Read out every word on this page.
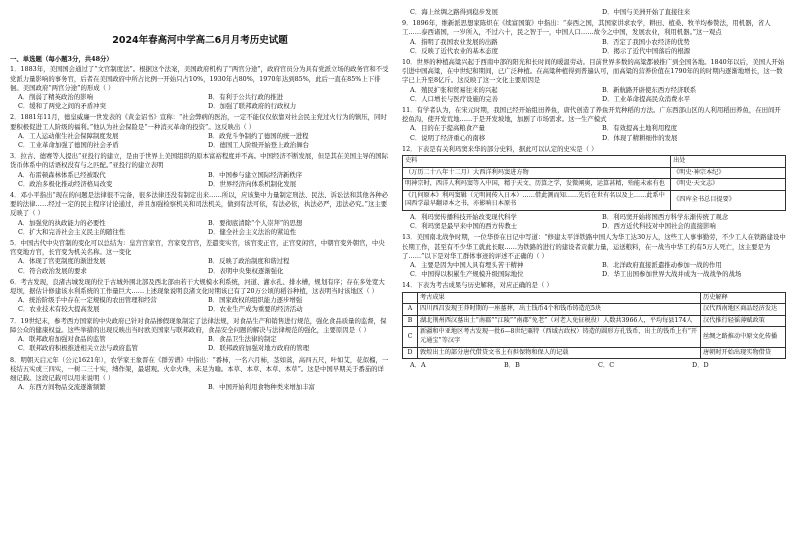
2024年春高河中学高二6月月考历史试题
一、单选题（每小题3分，共48分）

1．1883年，美国国会通过了“文官制度法”。根据这个法案，美国政府机构了“两官分途”，政府官员分为具有党派立场的政务官和不受党派力量影响的事务官，后者在美国政府中所占比例一开始只占10%，1930年占80%，1970年达到85%，此后一直在85%上下徘徊。美国政府“两官分途”的形成（ ）

A．削弱了精英政治的影响	B．有利于公共行政的推进
C．缓和了两党之间的矛盾冲突	D．加强了联邦政府的行政权力

2．1881年11月，德皇威廉一世发表的《黄金诏书》宣称：“社会弊病的医治，一定不能仅仅依靠对社会民主党过火行为的镇压，同时要积极促进工人阶级的福利。”他认为社会保险是“一种消灭革命的投资”。这反映出（ ）

A．工人运动催生社会保障制度发展	B．政党斗争制约了德国的统一进程
C．工业革命加强了德国的社会矛盾	D．德国工人阶级开始登上政治舞台

3．拉古、德赛等人提出“亚投行的建立，是由于世界上美国组织的原本富裕程度并不高。中国经济不断发展，但是其在美国主导的国际货币体系中的话语权没有与之匹配。”亚投行的建立表明

A．布雷顿森林体系已经被取代	B．中国参与建立国际经济新秩序
C．政治多极化推动经济格局改变	D．世界经济向体系机制化发展

4．邓小平指出“现在的问题是法律很不完备，很多法律还没有制定出来……所以，应该集中力量制定刑法、民法、诉讼法和其他各种必要的法律……经过一定的民主程序讨论通过，并且加强检察机关和司法机关，做到有法可依，有法必依，执法必严，违法必究。”这主要反映了（ ）

A．加强党的执政能力的必要性	B．要彻底清除“个人崇拜”的思想
C．扩大和完善社会主义民主的随往性	D．健全社会主义法治的紧迫性

5．中国古代中央官制的变化可以总结为：皇宫宫家官，宫家变宫官，差遣变实官，该官变正官，正官变闲官，中朝官变外朝官，中央官变地方官，长官变为机关名称。这一变化

A．体现了官吏制度的渐进发展	B．反映了政治制度和谐过程
C．符合政治发展的要求	D．表明中央集权逐渐强化

6．考古发现，良渚古城发现的位于古城外围北部及西北部由若干大规模水利系统，河道、灌水孔、排水槽，规划有序；存在多处宽大堤坝，据估计修建该水利系统的工作量巨大……上述现象说明良渚文化时期该已有了20万公顷的稻谷种植，这表明当时该地区（ ）

A．统治阶级手中存在一定规模的农田管理和经营	B．国家政权的组织能力逐步增强
C．农业技术有较大提高发展	D．农业生产成为重要的经济活动

7．19世纪末，参考西方国家的中央政府已针对食品掺假现象制定了法律法规，对食品生产和销售进行规范，强化食品质量的监督，保障公众的健康权益。这些举措的出现反映出当时欧美国家与联邦政府，食品安全问题的解决与法律规范的强化，主要原因是（ ）

A．联邦政府加强对食品的监管	B．食品卫生法律的制定
C．联邦政府积极推进相关立法与政府监管	D．联邦政府加强对地方政府的管理

8．明朝天启元年（公元1621年），农学家王象晋在《群芳谱》中指出：“番柿，一名六月柿，茎如蒿，高四五尺，叶如艾，花似榴，一枝结五实或三四实，一树二三十实，缚作架，最堪观。火伞火珠，未足为喻。本草、本草、本草、本草”。这是中国早期关于番茄的详细记载。这段记载可以用来说明（ ）

A．东西方间物品交流逐渐频繁	B．中国开始利用食物种类来增加丰富
C．海上丝绸之路得到稳步发展	D．中国与美洲开始了直接往来

9．1896年，维新派思想家陈炽在《续富国策》中指出：“泰西之国，其国家讲求农学，耕田、植桑、牧羊均参赞法，用机器，省人工……泰西诸国，一岁所入，不过六十，民之智于一，中国人口……故今之中国，发展农业，利用机器。”这一观点

A．指明了我国农业发展的出路	B．否定了我国小农经济的优势
C．反映了近代农业的基本态度	D．揭示了近代中国落后的根源

10．世界的种植高粱兴起于西南中部的阳光和长时间的暖温劳动。目前世界多数的高粱都被推广到全国各地。1840年以后，美国人开始引进中国高粱，在中世纪和期间，已广泛种植。在高粱种植得到普遍认可，而高粱的营养价值在1790年的的时期内逐渐地增长，这一数字已上升至8亿斤。这反映了这一文化主要原因是

A．殖民扩张和贸易往来的兴起	B．新航路开辟使东西方经济联系
C．人口增长与医疗设施的完善	D．工业革命提高民众消费水平

11．有学者认为，在宋元时期，我国已经开始组田养鱼，唐代创造了养鱼开荒种稻的方法。广东西部山区的人利用稻田养鱼，在田间开挖鱼沟，使开发荒地……于是开发坡地，加剧了市场需求。这一生产模式

A．目的在于提高粮食产量	B．有效提高土地利用程度
C．说明了经济重心的南移	D．体现了精耕细作的发展

12．下表是有关利玛窦来华的部分史料，据此可以认定的史实是（ ）

史料	出处
（万历二十八年十二月）大西洋利玛窦进方物	《明史·神宗本纪》
明神宗时，西洋人利玛窦等入中国，精于天文、历算之学，发微阐奥，运算甚精，殆能未索有也	《明史·天文志》
《几何原本》利玛窦辑（元明间传入日本）……借此测而知……先后在世有名以及上……此系中国西学最早翻译本之书，亦影响日本原书	《四库全书总目提要》
A．利玛窦传播科技开始改变现代科学	B．利玛窦开始将国西方科学东渐传统了观念
C．利玛窦是最早来中国的西方传教士	D．西方近代科技对中国社会的直接影响

13．美国南北战争时期，一位华侨在日记中写道：“修建太平洋铁路中国人为华工达30万人，这些工人事事勤劳，不少工人在铁路建设中长期工作，甚至有不少华工就此长眠……为铁路的进行的建设者贡献力量，运送粮料，在一战当中华工约有5万人死亡，这主要是为了……”以下是对华工群体事迹的评述不正确的（ ）

A．主要是因为中国人具有埋头苦干精神	B．北洋政府直接派遣推动参加一战的作用
C．中国得以积累生产规模升级国际地位	D．华工出国参加世界大战并成为一战战争的战场

14．下表为考古成果与历史解释，对应正确的是（ ）

	考古成果	历史解释
A	四川西昌发现王莽时期的一座墓葬，出土钱币4个和钱币铸造范5块	汉代西南地区商品经济发达
B	湖北荆州西汉墓出土“南郡”“江陵”“南郡“免老”（对老人免征税役）人数共3966人，平均每县174人	汉代推行轻徭薄赋政策
C	新疆和中亚地区考古发现一批6—8世纪粟特（西域古政权）铸造的圆形方孔钱币，出土的钱币上有“开元通宝”等汉字	丝绸之路推动中原文化传播
D	敦煌出土的部分唐代借贷文书上有担保物和保人的记载	唐朝时开始出现实物借贷
A．A	B．B	C．C	D．D
